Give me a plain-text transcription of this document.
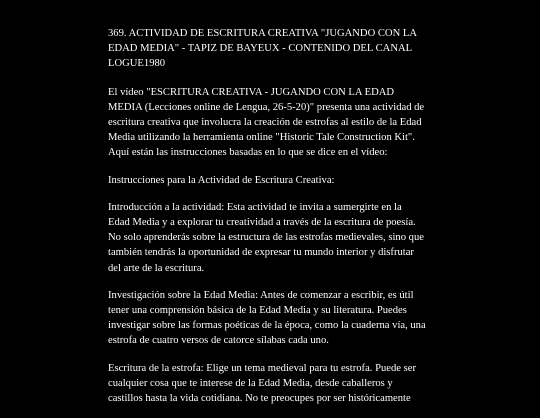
369. ACTIVIDAD DE ESCRITURA CREATIVA "JUGANDO CON LA EDAD MEDIA" - TAPIZ DE BAYEUX - CONTENIDO DEL CANAL LOGUE1980

El vídeo "ESCRITURA CREATIVA - JUGANDO CON LA EDAD MEDIA (Lecciones online de Lengua, 26-5-20)" presenta una actividad de escritura creativa que involucra la creación de estrofas al estilo de la Edad Media utilizando la herramienta online "Historic Tale Construction Kit". Aquí están las instrucciones basadas en lo que se dice en el vídeo:

Instrucciones para la Actividad de Escritura Creativa:

Introducción a la actividad: Esta actividad te invita a sumergirte en la Edad Media y a explorar tu creatividad a través de la escritura de poesía. No solo aprenderás sobre la estructura de las estrofas medievales, sino que también tendrás la oportunidad de expresar tu mundo interior y disfrutar del arte de la escritura.

Investigación sobre la Edad Media: Antes de comenzar a escribir, es útil tener una comprensión básica de la Edad Media y su literatura. Puedes investigar sobre las formas poéticas de la época, como la cuaderna vía, una estrofa de cuatro versos de catorce sílabas cada uno.

Escritura de la estrofa: Elige un tema medieval para tu estrofa. Puede ser cualquier cosa que te interese de la Edad Media, desde caballeros y castillos hasta la vida cotidiana. No te preocupes por ser históricamente
